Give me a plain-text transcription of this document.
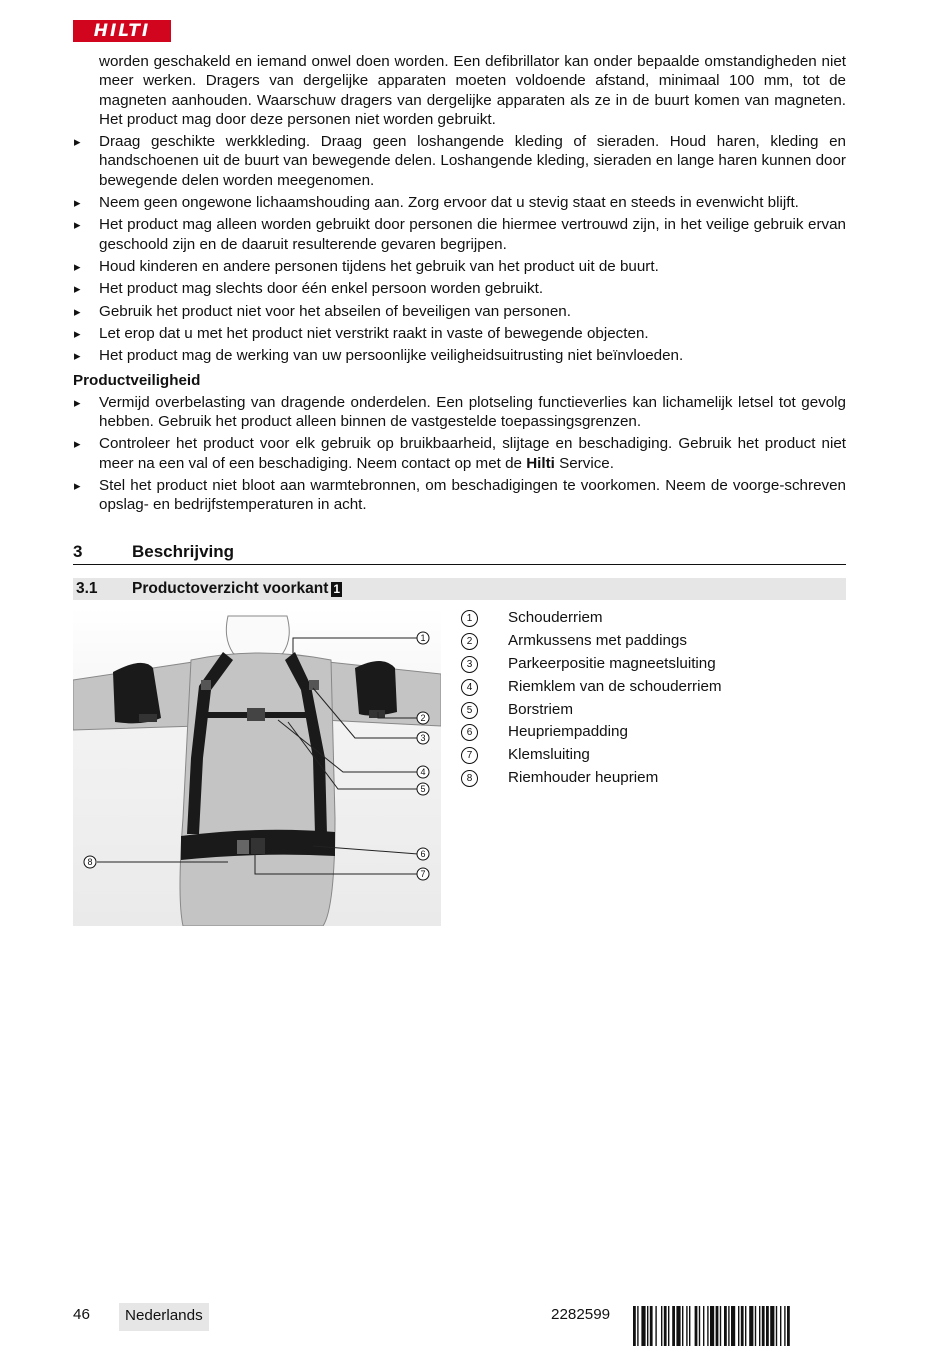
HILTI

worden geschakeld en iemand onwel doen worden. Een defibrillator kan onder bepaalde omstandigheden niet meer werken. Dragers van dergelijke apparaten moeten voldoende afstand, minimaal 100 mm, tot de magneten aanhouden. Waarschuw dragers van dergelijke apparaten als ze in de buurt komen van magneten. Het product mag door deze personen niet worden gebruikt.

▸ Draag geschikte werkkleding. Draag geen loshangende kleding of sieraden. Houd haren, kleding en handschoenen uit de buurt van bewegende delen. Loshangende kleding, sieraden en lange haren kunnen door bewegende delen worden meegenomen.
▸ Neem geen ongewone lichaamshouding aan. Zorg ervoor dat u stevig staat en steeds in evenwicht blijft.
▸ Het product mag alleen worden gebruikt door personen die hiermee vertrouwd zijn, in het veilige gebruik ervan geschoold zijn en de daaruit resulterende gevaren begrijpen.
▸ Houd kinderen en andere personen tijdens het gebruik van het product uit de buurt.
▸ Het product mag slechts door één enkel persoon worden gebruikt.
▸ Gebruik het product niet voor het abseilen of beveiligen van personen.
▸ Let erop dat u met het product niet verstrikt raakt in vaste of bewegende objecten.
▸ Het product mag de werking van uw persoonlijke veiligheidsuitrusting niet beïnvloeden.
Productveiligheid
▸ Vermijd overbelasting van dragende onderdelen. Een plotseling functieverlies kan lichamelijk letsel tot gevolg hebben. Gebruik het product alleen binnen de vastgestelde toepassingsgrenzen.
▸ Controleer het product voor elk gebruik op bruikbaarheid, slijtage en beschadiging. Gebruik het product niet meer na een val of een beschadiging. Neem contact op met de Hilti Service.
▸ Stel het product niet bloot aan warmtebronnen, om beschadigingen te voorkomen. Neem de voorge-schreven opslag- en bedrijfstemperaturen in acht.
3	Beschrijving
3.1 Productoverzicht voorkant 1
1
2
3
4
5
6
7
8
1	Schouderriem
2	Armkussens met paddings
3	Parkeerpositie magneetsluiting
4	Riemklem van de schouderriem
5	Borstriem
6	Heupriempadding
7	Klemsluiting
8	Riemhouder heupriem
46	Nederlands	2282599
